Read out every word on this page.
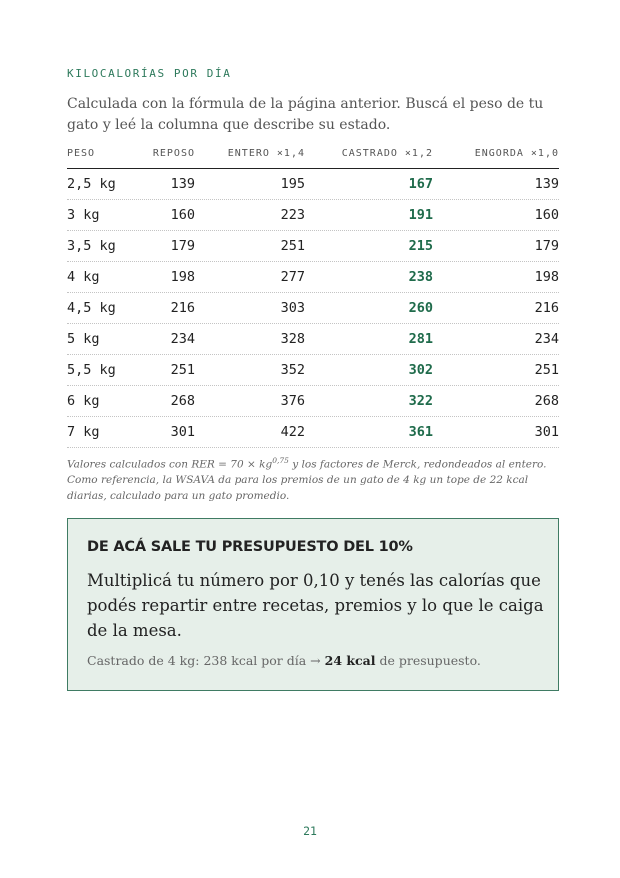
KILOCALORÍAS POR DÍA
Calculada con la fórmula de la página anterior. Buscá el peso de tu gato y leé la columna que describe su estado.
PESO	REPOSO	ENTERO ×1,4	CASTRADO ×1,2	ENGORDA ×1,0
2,5 kg	139	195	167	139
3 kg	160	223	191	160
3,5 kg	179	251	215	179
4 kg	198	277	238	198
4,5 kg	216	303	260	216
5 kg	234	328	281	234
5,5 kg	251	352	302	251
6 kg	268	376	322	268
7 kg	301	422	361	301
Valores calculados con RER = 70 × kg$^{0,75}$ y los factores de Merck, redondeados al entero. Como referencia, la WSAVA da para los premios de un gato de 4 kg un tope de 22 kcal diarias, calculado para un gato promedio.
DE ACÁ SALE TU PRESUPUESTO DEL 10%
Multiplicá tu número por 0,10 y tenés las calorías que podés repartir entre recetas, premios y lo que le caiga de la mesa.
Castrado de 4 kg: 238 kcal por día → 24 kcal de presupuesto.
21
